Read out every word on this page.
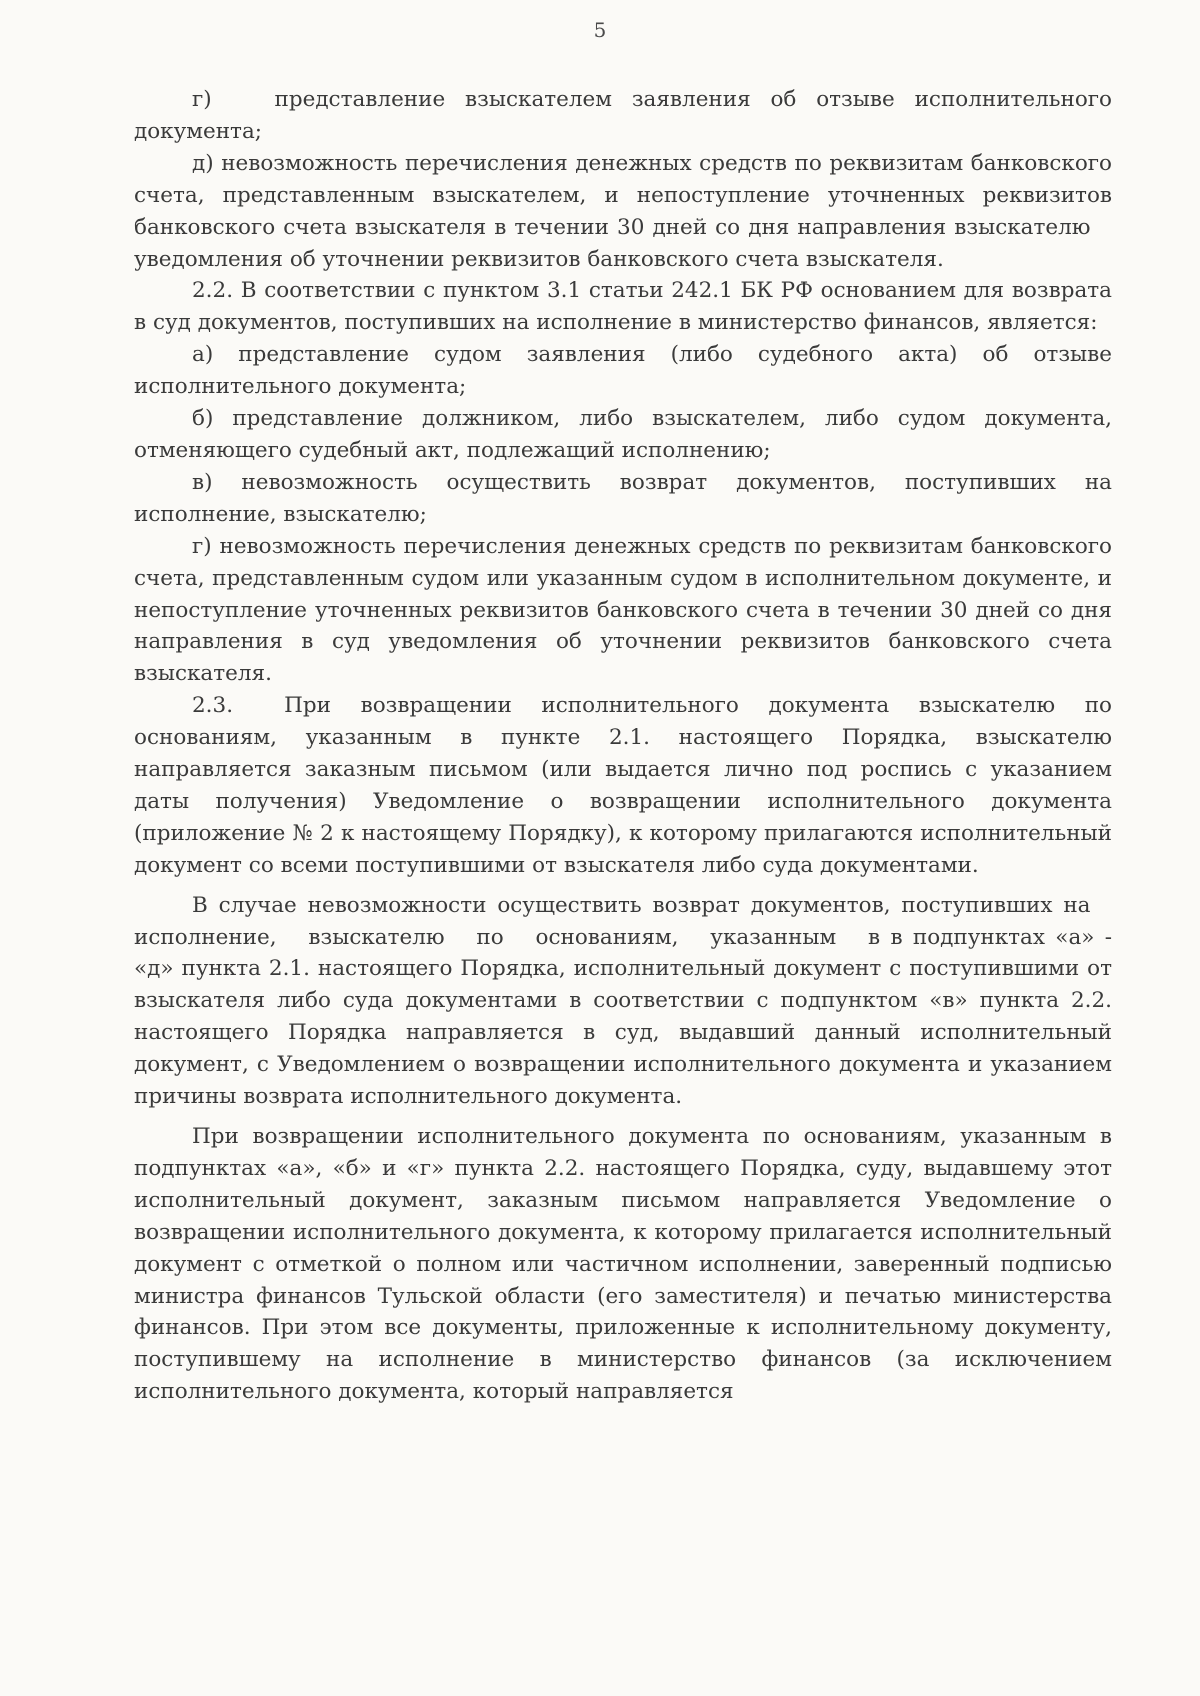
5

г)   представление взыскателем заявления об отзыве исполнительного документа;

д) невозможность перечисления денежных средств по реквизитам банковского счета, представленным взыскателем, и непоступление уточненных реквизитов банковского счета взыскателя в течении 30 дней со дня направления взыскателю уведомления об уточнении реквизитов банковского счета взыскателя.

2.2. В соответствии с пунктом 3.1 статьи 242.1 БК РФ основанием для возврата в суд документов, поступивших на исполнение в министерство финансов, является:

а) представление судом заявления (либо судебного акта) об отзыве исполнительного документа;

б) представление должником, либо взыскателем, либо судом документа, отменяющего судебный акт, подлежащий исполнению;

в) невозможность осуществить возврат документов, поступивших на исполнение, взыскателю;

г) невозможность перечисления денежных средств по реквизитам банковского счета, представленным судом или указанным судом в исполнительном документе, и непоступление уточненных реквизитов банковского счета в течении 30 дней со дня направления в суд уведомления об уточнении реквизитов банковского счета взыскателя.

2.3.  При возвращении исполнительного документа взыскателю по основаниям, указанным в пункте 2.1. настоящего Порядка, взыскателю направляется заказным письмом (или выдается лично под роспись с указанием даты получения) Уведомление о возвращении исполнительного документа (приложение № 2 к настоящему Порядку), к которому прилагаются исполнительный документ со всеми поступившими от взыскателя либо суда документами.

В случае невозможности осуществить возврат документов, поступивших на  исполнение,  взыскателю  по  основаниям,  указанным  в в подпунктах «а» - «д» пункта 2.1. настоящего Порядка, исполнительный документ с поступившими от взыскателя либо суда документами в соответствии с подпунктом «в» пункта 2.2. настоящего Порядка направляется в суд, выдавший данный исполнительный документ, с Уведомлением о возвращении исполнительного документа и указанием причины возврата исполнительного документа.

При возвращении исполнительного документа по основаниям, указанным в подпунктах «а», «б» и «г» пункта 2.2. настоящего Порядка, суду, выдавшему этот исполнительный документ, заказным письмом направляется Уведомление о возвращении исполнительного документа, к которому прилагается исполнительный документ с отметкой о полном или частичном исполнении, заверенный подписью министра финансов Тульской области (его заместителя) и печатью министерства финансов. При этом все документы, приложенные к исполнительному документу, поступившему на исполнение в министерство финансов (за исключением исполнительного документа, который направляется
